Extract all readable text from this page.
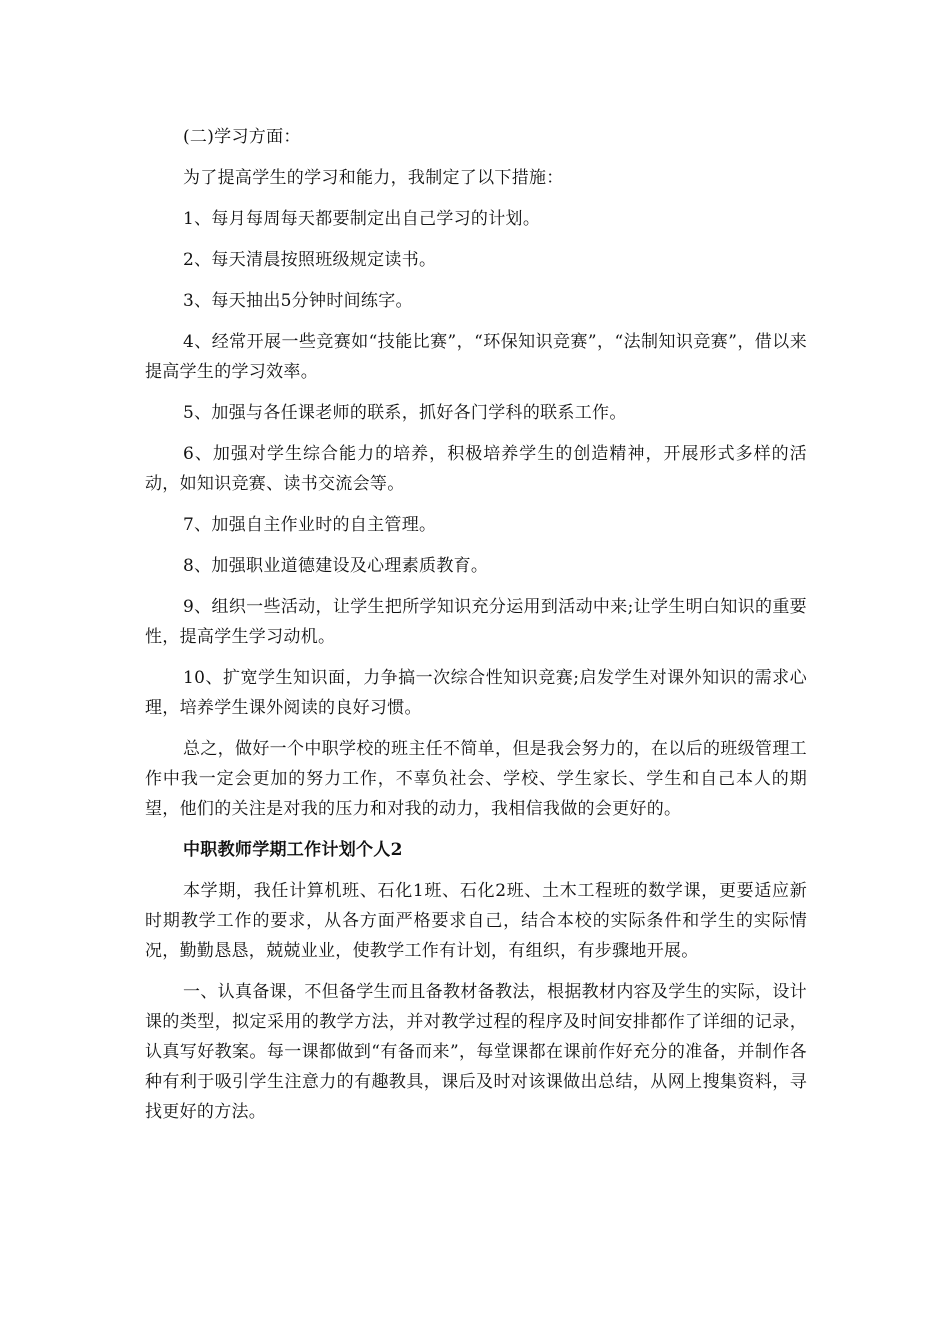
(二)学习方面：

为了提高学生的学习和能力，我制定了以下措施：

1、每月每周每天都要制定出自己学习的计划。

2、每天清晨按照班级规定读书。

3、每天抽出5分钟时间练字。

4、经常开展一些竞赛如“技能比赛”，“环保知识竞赛”，“法制知识竞赛”，借以来提高学生的学习效率。

5、加强与各任课老师的联系，抓好各门学科的联系工作。

6、加强对学生综合能力的培养，积极培养学生的创造精神，开展形式多样的活动，如知识竞赛、读书交流会等。

7、加强自主作业时的自主管理。

8、加强职业道德建设及心理素质教育。

9、组织一些活动，让学生把所学知识充分运用到活动中来;让学生明白知识的重要性，提高学生学习动机。

10、扩宽学生知识面，力争搞一次综合性知识竞赛;启发学生对课外知识的需求心理，培养学生课外阅读的良好习惯。

总之，做好一个中职学校的班主任不简单，但是我会努力的，在以后的班级管理工作中我一定会更加的努力工作，不辜负社会、学校、学生家长、学生和自己本人的期望，他们的关注是对我的压力和对我的动力，我相信我做的会更好的。

中职教师学期工作计划个人2

本学期，我任计算机班、石化1班、石化2班、土木工程班的数学课，更要适应新时期教学工作的要求，从各方面严格要求自己，结合本校的实际条件和学生的实际情况，勤勤恳恳，兢兢业业，使教学工作有计划，有组织，有步骤地开展。

一、认真备课，不但备学生而且备教材备教法，根据教材内容及学生的实际，设计课的类型，拟定采用的教学方法，并对教学过程的程序及时间安排都作了详细的记录，认真写好教案。每一课都做到“有备而来”，每堂课都在课前作好充分的准备，并制作各种有利于吸引学生注意力的有趣教具，课后及时对该课做出总结，从网上搜集资料，寻找更好的方法。
